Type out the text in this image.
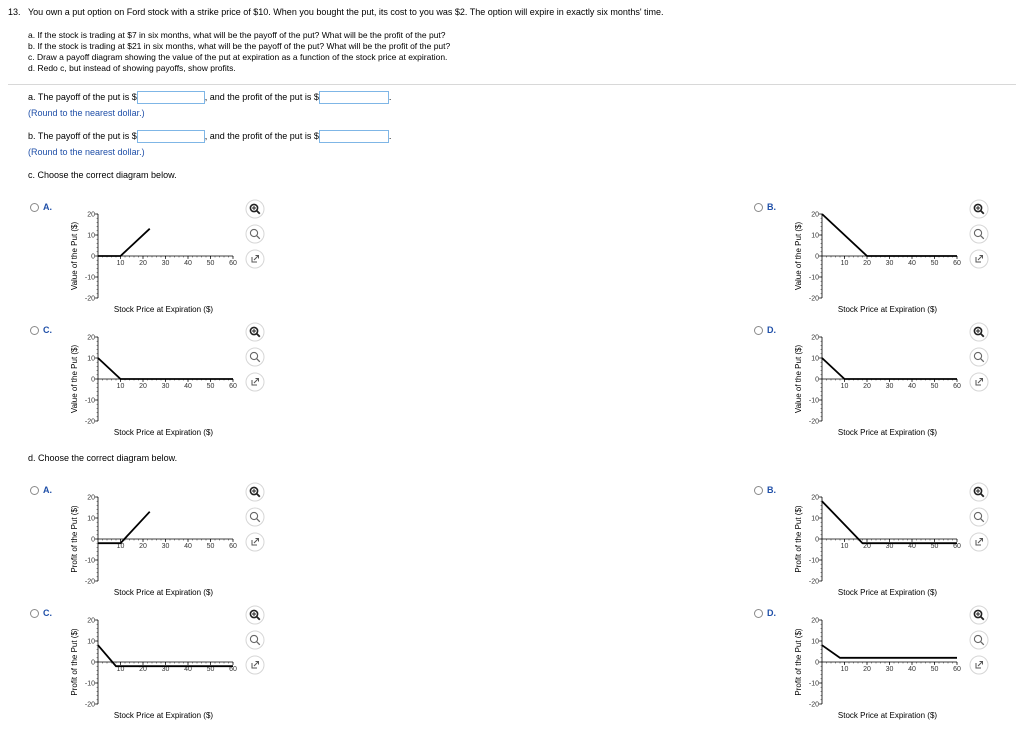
13. You own a put option on Ford stock with a strike price of $10. When you bought the put, its cost to you was $2. The option will expire in exactly six months' time.
a. If the stock is trading at $7 in six months, what will be the payoff of the put? What will be the profit of the put?
b. If the stock is trading at $21 in six months, what will be the payoff of the put? What will be the profit of the put?
c. Draw a payoff diagram showing the value of the put at expiration as a function of the stock price at expiration.
d. Redo c, but instead of showing payoffs, show profits.
a. The payoff of the put is $	, and the profit of the put is $	.
(Round to the nearest dollar.)
b. The payoff of the put is $	, and the profit of the put is $	.
(Round to the nearest dollar.)
c. Choose the correct diagram below.
d. Choose the correct diagram below.
A.
Value of the Put ($)
20
10
0
-10
-20
10 20 30 40 50 60
Stock Price at Expiration ($)
B.
Value of the Put ($)
20
10
0
-10
-20
10 20 30 40 50 60
Stock Price at Expiration ($)
C.
Value of the Put ($)
20
10
0
-10
-20
10 20 30 40 50 60
Stock Price at Expiration ($)
D.
Value of the Put ($)
20
10
0
-10
-20
10 20 30 40 50 60
Stock Price at Expiration ($)
A.
Profit of the Put ($)
20
10
0
-10
-20
10 20 30 40 50 60
Stock Price at Expiration ($)
B.
Profit of the Put ($)
20
10
0
-10
-20
10 20 30 40 50 60
Stock Price at Expiration ($)
C.
Profit of the Put ($)
20
10
0
-10
-20
10 20 30 40 50 60
Stock Price at Expiration ($)
D.
Profit of the Put ($)
20
10
0
-10
-20
10 20 30 40 50 60
Stock Price at Expiration ($)
